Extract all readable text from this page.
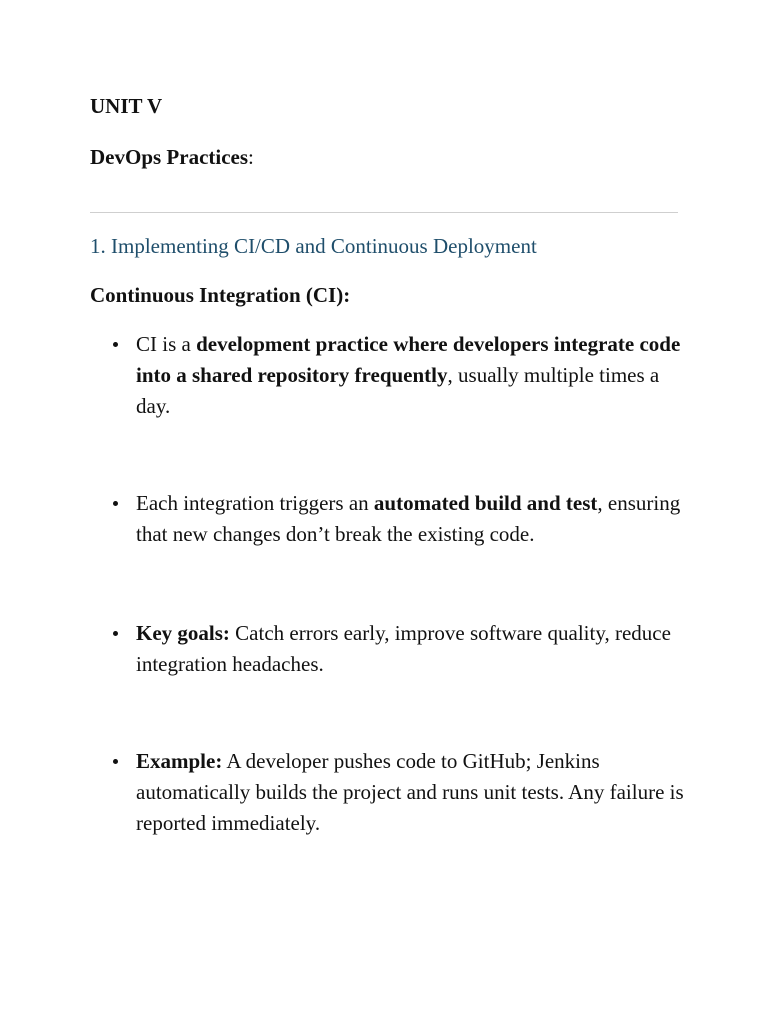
UNIT V
DevOps Practices:
1. Implementing CI/CD and Continuous Deployment
Continuous Integration (CI):
CI is a development practice where developers integrate code into a shared repository frequently, usually multiple times a day.
Each integration triggers an automated build and test, ensuring that new changes don’t break the existing code.
Key goals: Catch errors early, improve software quality, reduce integration headaches.
Example: A developer pushes code to GitHub; Jenkins automatically builds the project and runs unit tests. Any failure is reported immediately.
